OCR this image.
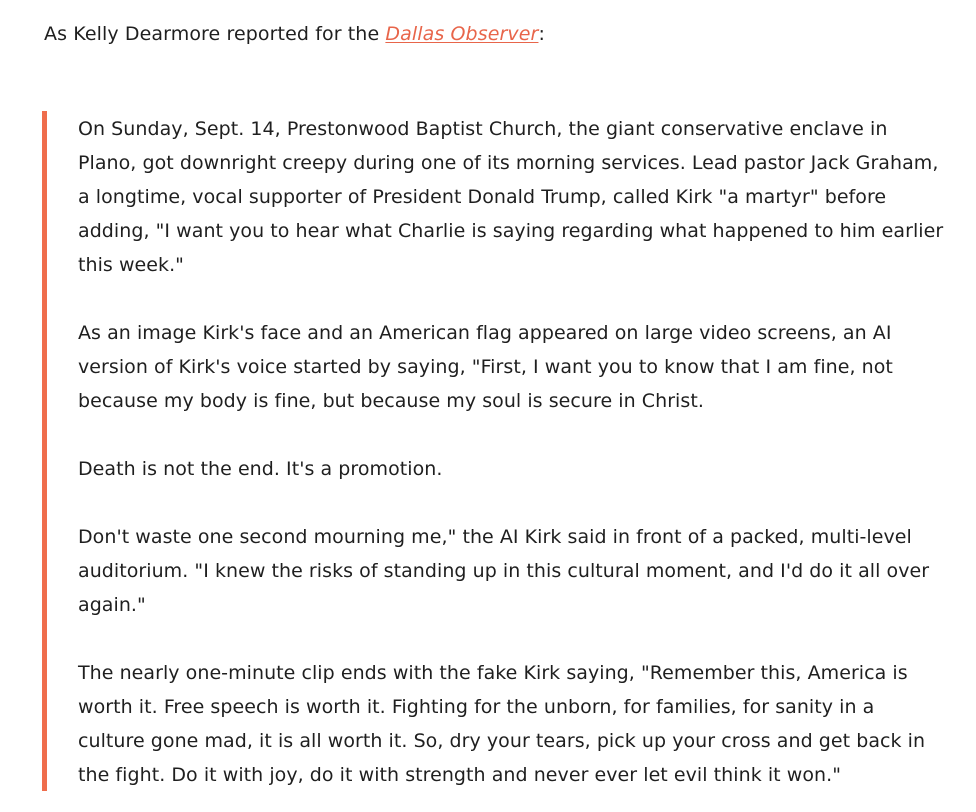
As Kelly Dearmore reported for the Dallas Observer:

On Sunday, Sept. 14, Prestonwood Baptist Church, the giant conservative enclave in Plano, got downright creepy during one of its morning services. Lead pastor Jack Graham, a longtime, vocal supporter of President Donald Trump, called Kirk "a martyr" before adding, "I want you to hear what Charlie is saying regarding what happened to him earlier this week."

As an image Kirk's face and an American flag appeared on large video screens, an AI version of Kirk's voice started by saying, "First, I want you to know that I am fine, not because my body is fine, but because my soul is secure in Christ.

Death is not the end. It's a promotion.

Don't waste one second mourning me," the AI Kirk said in front of a packed, multi-level auditorium. "I knew the risks of standing up in this cultural moment, and I'd do it all over again."

The nearly one-minute clip ends with the fake Kirk saying, "Remember this, America is worth it. Free speech is worth it. Fighting for the unborn, for families, for sanity in a culture gone mad, it is all worth it. So, dry your tears, pick up your cross and get back in the fight. Do it with joy, do it with strength and never ever let evil think it won."
